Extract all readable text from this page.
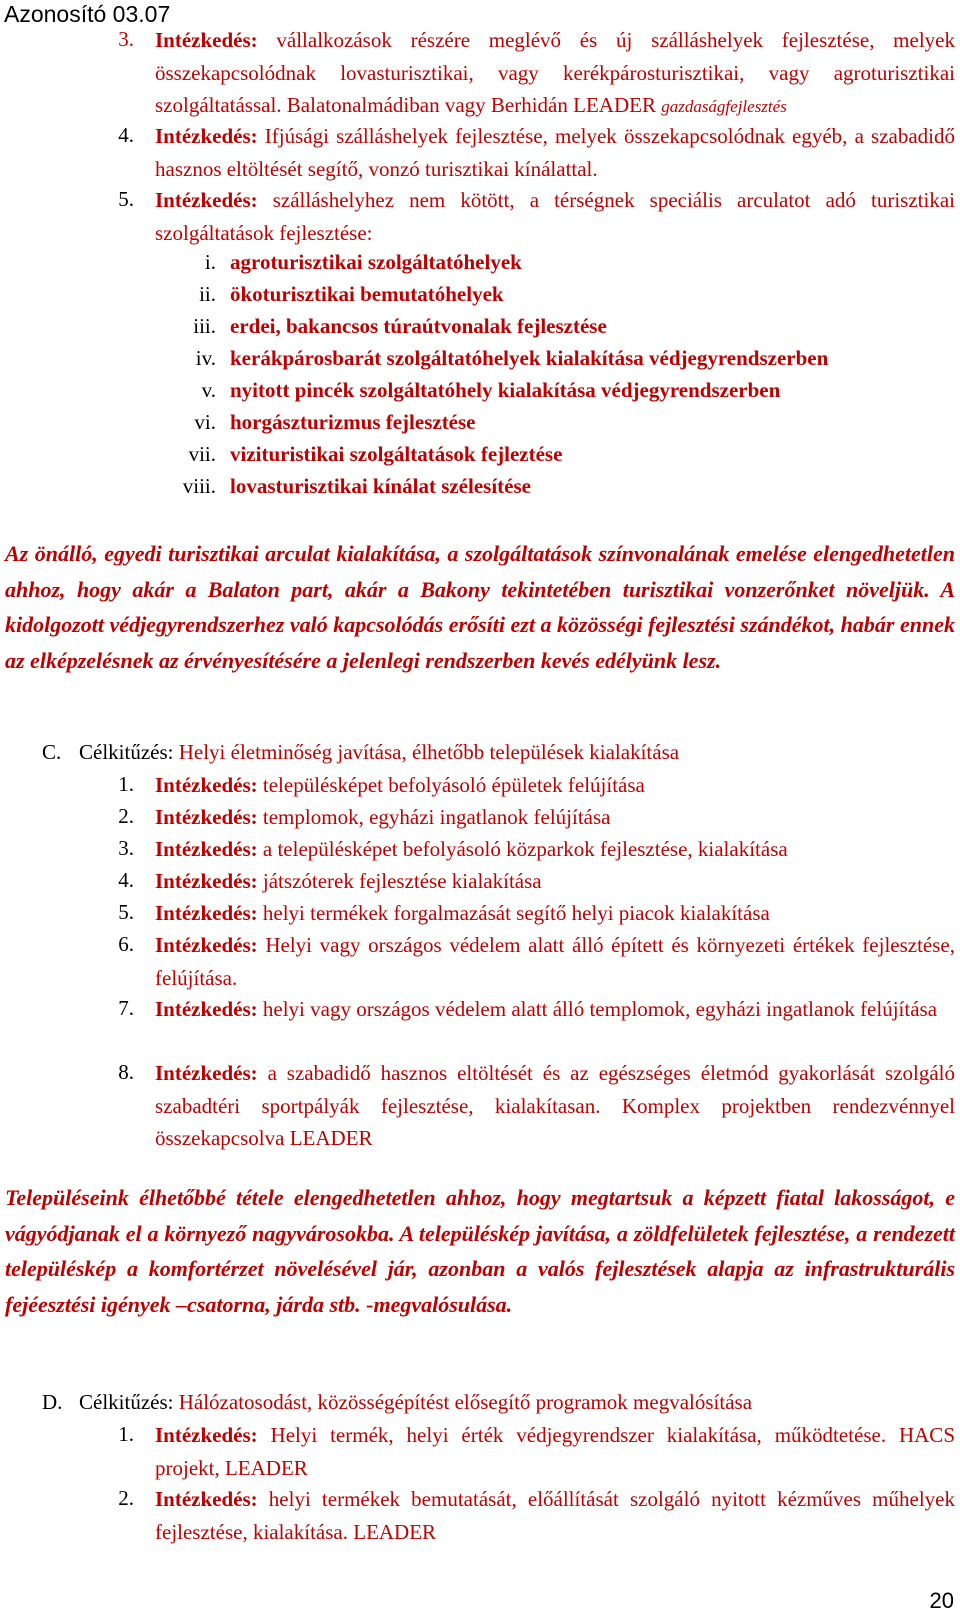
Azonosító 03.07
3. Intézkedés: vállalkozások részére meglévő és új szálláshelyek fejlesztése, melyek összekapcsolódnak lovasturisztikai, vagy kerékpárosturisztikai, vagy agroturisztikai szolgáltatással. Balatonalmádiban vagy Berhidán LEADER gazdaságfejlesztés
4. Intézkedés: Ifjúsági szálláshelyek fejlesztése, melyek összekapcsolódnak egyéb, a szabadidő hasznos eltöltését segítő, vonzó turisztikai kínálattal.
5. Intézkedés: szálláshelyhez nem kötött, a térségnek speciális arculatot adó turisztikai szolgáltatások fejlesztése:
i. agroturisztikai szolgáltatóhelyek
ii. ökoturisztikai bemutatóhelyek
iii. erdei, bakancsos túraútvonalak fejlesztése
iv. kerákpárosbarát szolgáltatóhelyek kialakítása védjegyrendszerben
v. nyitott pincék szolgáltatóhely kialakítása védjegyrendszerben
vi. horgászturizmus fejlesztése
vii. vizituristikai szolgáltatások fejleztése
viii. lovasturisztikai kínálat szélesítése
Az önálló, egyedi turisztikai arculat kialakítása, a szolgáltatások színvonalának emelése elengedhetetlen ahhoz, hogy akár a Balaton part, akár a Bakony tekintetében turisztikai vonzerőnket növeljük. A kidolgozott védjegyrendszerhez való kapcsolódás erősíti ezt a közösségi fejlesztési szándékot, habár ennek az elképzelésnek az érvényesítésére a jelenlegi rendszerben kevés edélyünk lesz.
C. Célkitűzés: Helyi életminőség javítása, élhetőbb települések kialakítása
1. Intézkedés: településképet befolyásoló épületek felújítása
2. Intézkedés: templomok, egyházi ingatlanok felújítása
3. Intézkedés: a településképet befolyásoló közparkok fejlesztése, kialakítása
4. Intézkedés: játszóterek fejlesztése kialakítása
5. Intézkedés: helyi termékek forgalmazását segítő helyi piacok kialakítása
6. Intézkedés: Helyi vagy országos védelem alatt álló épített és környezeti értékek fejlesztése, felújítása.
7. Intézkedés: helyi vagy országos védelem alatt álló templomok, egyházi ingatlanok felújítása
8. Intézkedés: a szabadidő hasznos eltöltését és az egészséges életmód gyakorlását szolgáló szabadtéri sportpályák fejlesztése, kialakítasan. Komplex projektben rendezvénnyel összekapcsolva LEADER
Településeink élhetőbbé tétele elengedhetetlen ahhoz, hogy megtartsuk a képzett fiatal lakosságot, e vágyódjanak el a környező nagyvárosokba. A településkép javítása, a zöldfelületek fejlesztése, a rendezett településkép a komfortérzet növelésével jár, azonban a valós fejlesztések alapja az infrastrukturális fejéesztési igények –csatorna, járda stb. -megvalósulása.
D. Célkitűzés: Hálózatosodást, közösségépítést elősegítő programok megvalósítása
1. Intézkedés: Helyi termék, helyi érték védjegyrendszer kialakítása, működtetése. HACS projekt, LEADER
2. Intézkedés: helyi termékek bemutatását, előállítását szolgáló nyitott kézműves műhelyek fejlesztése, kialakítása. LEADER
20
